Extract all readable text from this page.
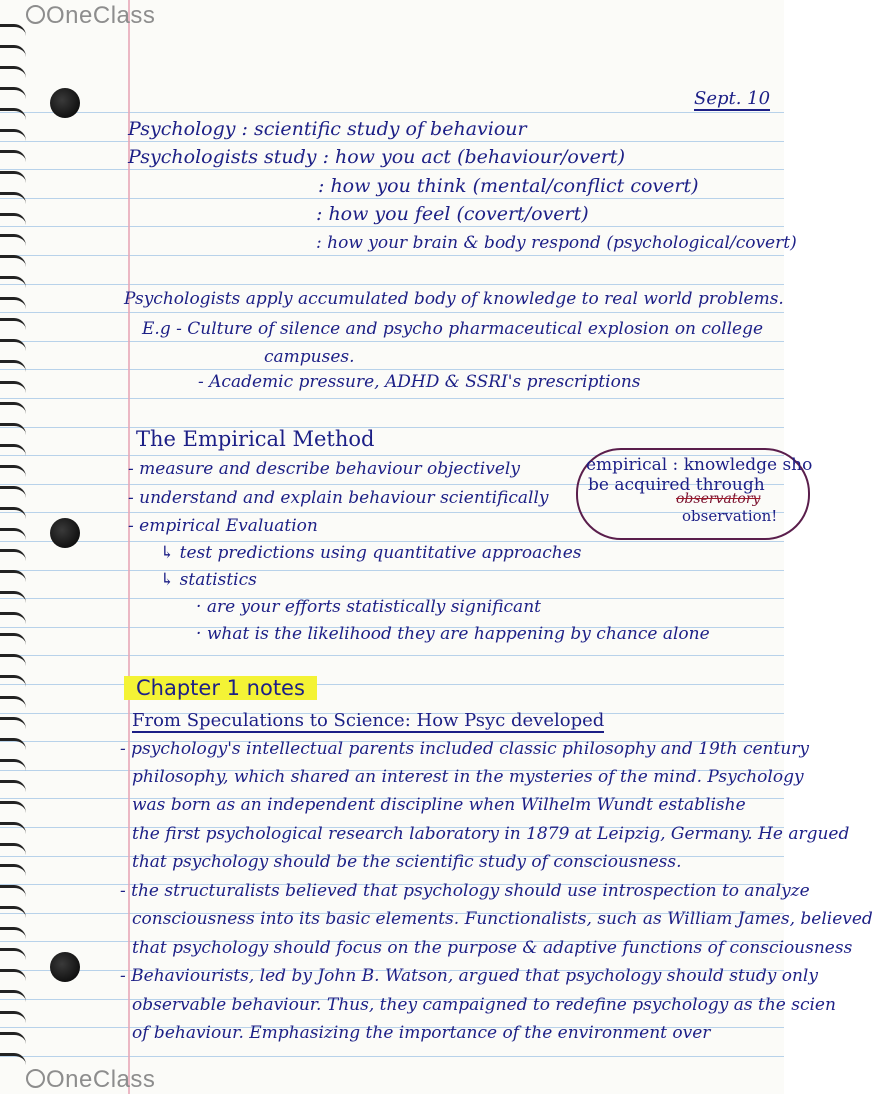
OneClass
Sept. 10
Psychology : scientific study of behaviour
Psychologists study : how you act (behaviour/overt)
: how you think (mental/conflict covert)
: how you feel (covert/overt)
: how your brain & body respond (psychological/covert)
Psychologists apply accumulated body of knowledge to real world problems.
E.g - Culture of silence and psycho pharmaceutical explosion on college
campuses.
- Academic pressure, ADHD & SSRI's prescriptions
The Empirical Method
- measure and describe behaviour objectively
- understand and explain behaviour scientifically
- empirical Evaluation
↳ test predictions using quantitative approaches
↳ statistics
· are your efforts statistically significant
· what is the likelihood they are happening by chance alone
empirical : knowledge sho
be acquired through
observatory
observation!
Chapter 1 notes
From Speculations to Science: How Psyc developed
- psychology's intellectual parents included classic philosophy and 19th century
philosophy, which shared an interest in the mysteries of the mind. Psychology
was born as an independent discipline when Wilhelm Wundt establishe
the first psychological research laboratory in 1879 at Leipzig, Germany. He argued
that psychology should be the scientific study of consciousness.
- the structuralists believed that psychology should use introspection to analyze
consciousness into its basic elements. Functionalists, such as William James, believed
that psychology should focus on the purpose & adaptive functions of consciousness
- Behaviourists, led by John B. Watson, argued that psychology should study only
observable behaviour. Thus, they campaigned to redefine psychology as the scien
of behaviour. Emphasizing the importance of the environment over
OneClass
